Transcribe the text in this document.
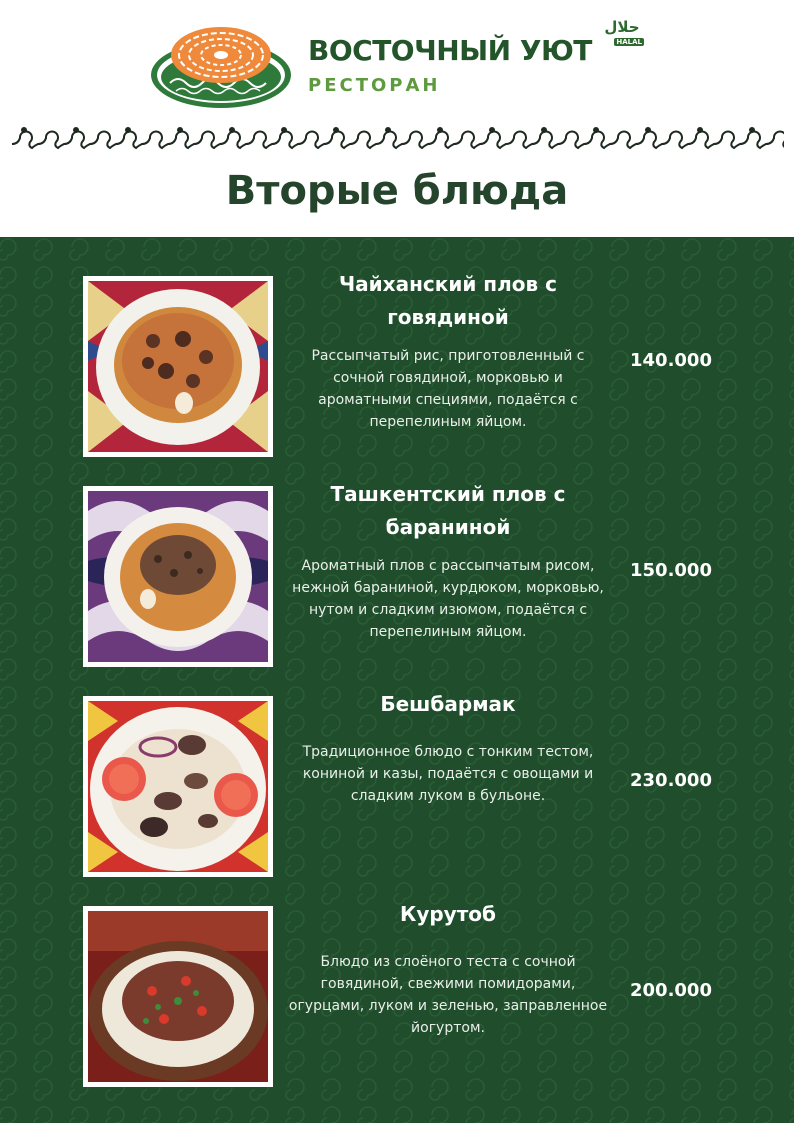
ВОСТОЧНЫЙ УЮТ
РЕСТОРАН
حلال
HALAL
Вторые блюда
Чайханский плов с говядиной
Рассыпчатый рис, приготовленный с сочной говядиной, морковью и ароматными специями, подаётся с перепелиным яйцом.
140.000
Ташкентский плов с бараниной
Ароматный плов с рассыпчатым рисом, нежной бараниной, курдюком, морковью, нутом и сладким изюмом, подаётся с перепелиным яйцом.
150.000
Бешбармак
Традиционное блюдо с тонким тестом, кониной и казы, подаётся с овощами и сладким луком в бульоне.
230.000
Курутоб
Блюдо из слоёного теста с сочной говядиной, свежими помидорами, огурцами, луком и зеленью, заправленное йогуртом.
200.000
